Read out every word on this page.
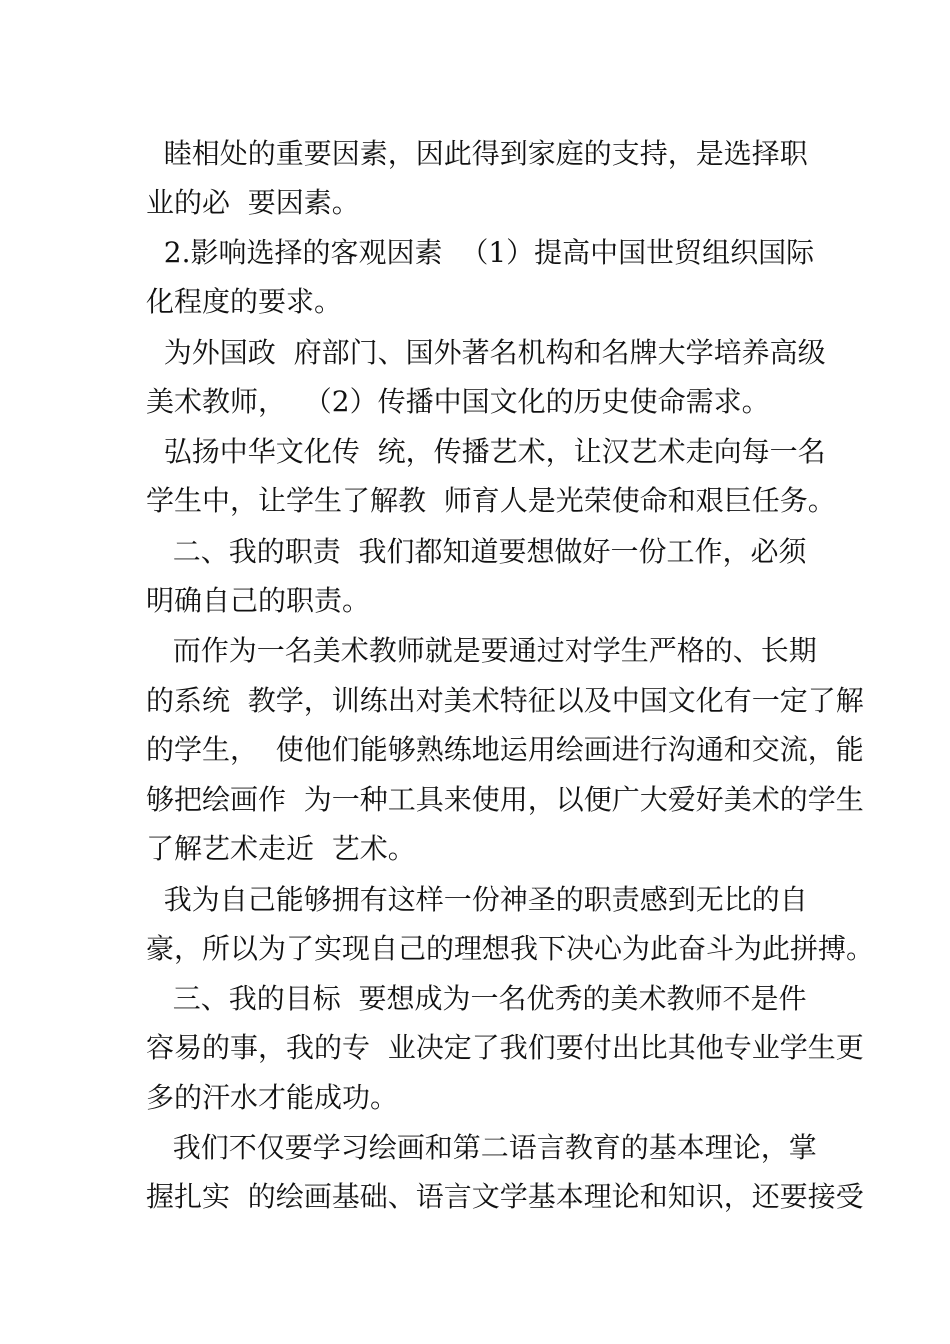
睦相处的重要因素，因此得到家庭的支持，是选择职

业的必  要因素。

2.影响选择的客观因素  （1）提高中国世贸组织国际

化程度的要求。

为外国政  府部门、国外著名机构和名牌大学培养高级

美术教师，  （2）传播中国文化的历史使命需求。

弘扬中华文化传  统，传播艺术，让汉艺术走向每一名

学生中，让学生了解教  师育人是光荣使命和艰巨任务。

二、我的职责  我们都知道要想做好一份工作，必须

明确自己的职责。

而作为一名美术教师就是要通过对学生严格的、长期

的系统  教学，训练出对美术特征以及中国文化有一定了解

的学生，  使他们能够熟练地运用绘画进行沟通和交流，能

够把绘画作  为一种工具来使用，以便广大爱好美术的学生

了解艺术走近  艺术。

我为自己能够拥有这样一份神圣的职责感到无比的自

豪，所以为了实现自己的理想我下决心为此奋斗为此拼搏。

三、我的目标  要想成为一名优秀的美术教师不是件

容易的事，我的专  业决定了我们要付出比其他专业学生更

多的汗水才能成功。

我们不仅要学习绘画和第二语言教育的基本理论，掌

握扎实  的绘画基础、语言文学基本理论和知识，还要接受
